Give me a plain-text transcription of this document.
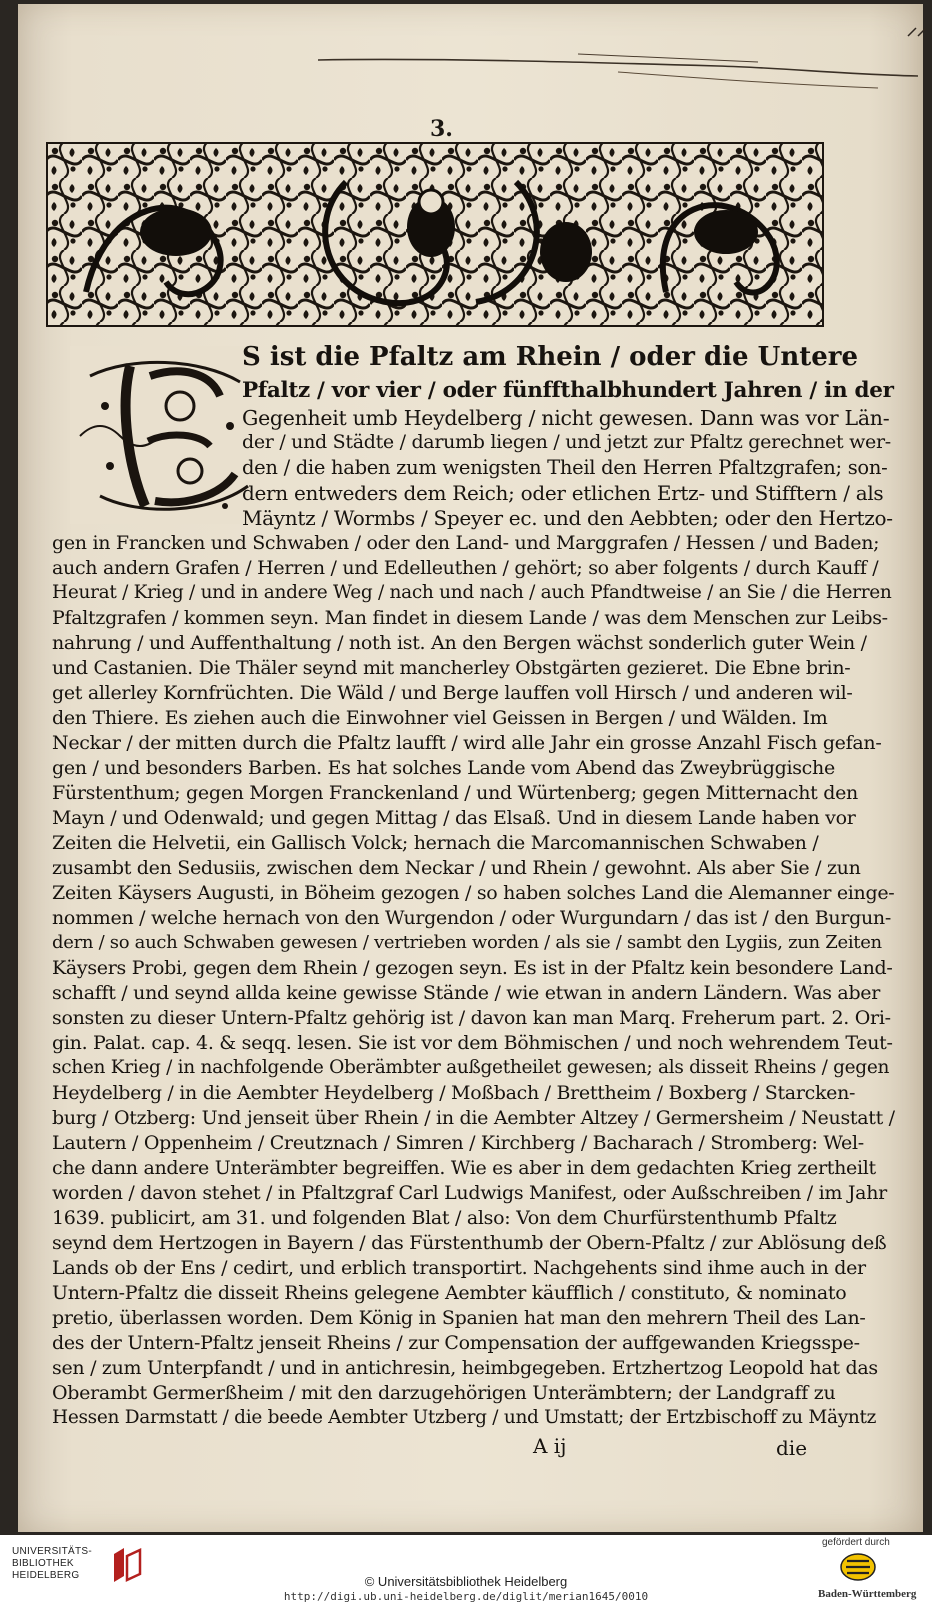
3.
S ist die Pfaltz am Rhein / oder die Untere
Pfaltz / vor vier / oder fünffthalbhundert Jahren / in der
Gegenheit umb Heydelberg / nicht gewesen. Dann was vor Län-
der / und Städte / darumb liegen / und jetzt zur Pfaltz gerechnet wer-
den / die haben zum wenigsten Theil den Herren Pfaltzgrafen; son-
dern entweders dem Reich; oder etlichen Ertz- und Stifftern / als
Mäyntz / Wormbs / Speyer ec. und den Aebbten; oder den Hertzo-
gen in Francken und Schwaben / oder den Land- und Marggrafen / Hessen / und Baden;
auch andern Grafen / Herren / und Edelleuthen / gehört; so aber folgents / durch Kauff /
Heurat / Krieg / und in andere Weg / nach und nach / auch Pfandtweise / an Sie / die Herren
Pfaltzgrafen / kommen seyn. Man findet in diesem Lande / was dem Menschen zur Leibs-
nahrung / und Auffenthaltung / noth ist. An den Bergen wächst sonderlich guter Wein /
und Castanien. Die Thäler seynd mit mancherley Obstgärten gezieret. Die Ebne brin-
get allerley Kornfrüchten. Die Wäld / und Berge lauffen voll Hirsch / und anderen wil-
den Thiere. Es ziehen auch die Einwohner viel Geissen in Bergen / und Wälden. Im
Neckar / der mitten durch die Pfaltz laufft / wird alle Jahr ein grosse Anzahl Fisch gefan-
gen / und besonders Barben. Es hat solches Lande vom Abend das Zweybrüggische
Fürstenthum; gegen Morgen Franckenland / und Würtenberg; gegen Mitternacht den
Mayn / und Odenwald; und gegen Mittag / das Elsaß. Und in diesem Lande haben vor
Zeiten die Helvetii, ein Gallisch Volck; hernach die Marcomannischen Schwaben /
zusambt den Sedusiis, zwischen dem Neckar / und Rhein / gewohnt. Als aber Sie / zun
Zeiten Käysers Augusti, in Böheim gezogen / so haben solches Land die Alemanner einge-
nommen / welche hernach von den Wurgendon / oder Wurgundarn / das ist / den Burgun-
dern / so auch Schwaben gewesen / vertrieben worden / als sie / sambt den Lygiis, zun Zeiten
Käysers Probi, gegen dem Rhein / gezogen seyn. Es ist in der Pfaltz kein besondere Land-
schafft / und seynd allda keine gewisse Stände / wie etwan in andern Ländern. Was aber
sonsten zu dieser Untern-Pfaltz gehörig ist / davon kan man Marq. Freherum part. 2. Ori-
gin. Palat. cap. 4. & seqq. lesen. Sie ist vor dem Böhmischen / und noch wehrendem Teut-
schen Krieg / in nachfolgende Oberämbter außgetheilet gewesen; als disseit Rheins / gegen
Heydelberg / in die Aembter Heydelberg / Moßbach / Brettheim / Boxberg / Starcken-
burg / Otzberg: Und jenseit über Rhein / in die Aembter Altzey / Germersheim / Neustatt /
Lautern / Oppenheim / Creutznach / Simren / Kirchberg / Bacharach / Stromberg: Wel-
che dann andere Unterämbter begreiffen. Wie es aber in dem gedachten Krieg zertheilt
worden / davon stehet / in Pfaltzgraf Carl Ludwigs Manifest, oder Außschreiben / im Jahr
1639. publicirt, am 31. und folgenden Blat / also: Von dem Churfürstenthumb Pfaltz
seynd dem Hertzogen in Bayern / das Fürstenthumb der Obern-Pfaltz / zur Ablösung deß
Lands ob der Ens / cedirt, und erblich transportirt. Nachgehents sind ihme auch in der
Untern-Pfaltz die disseit Rheins gelegene Aembter käufflich / constituto, & nominato
pretio, überlassen worden. Dem König in Spanien hat man den mehrern Theil des Lan-
des der Untern-Pfaltz jenseit Rheins / zur Compensation der auffgewanden Kriegsspe-
sen / zum Unterpfandt / und in antichresin, heimbgegeben. Ertzhertzog Leopold hat das
Oberambt Germerßheim / mit den darzugehörigen Unterämbtern; der Landgraff zu
Hessen Darmstatt / die beede Aembter Utzberg / und Umstatt; der Ertzbischoff zu Mäyntz
A ij	die
UNIVERSITÄTS-
BIBLIOTHEK
HEIDELBERG	© Universitätsbibliothek Heidelberg
http://digi.ub.uni-heidelberg.de/diglit/merian1645/0010
gefördert durch
Baden-Württemberg
